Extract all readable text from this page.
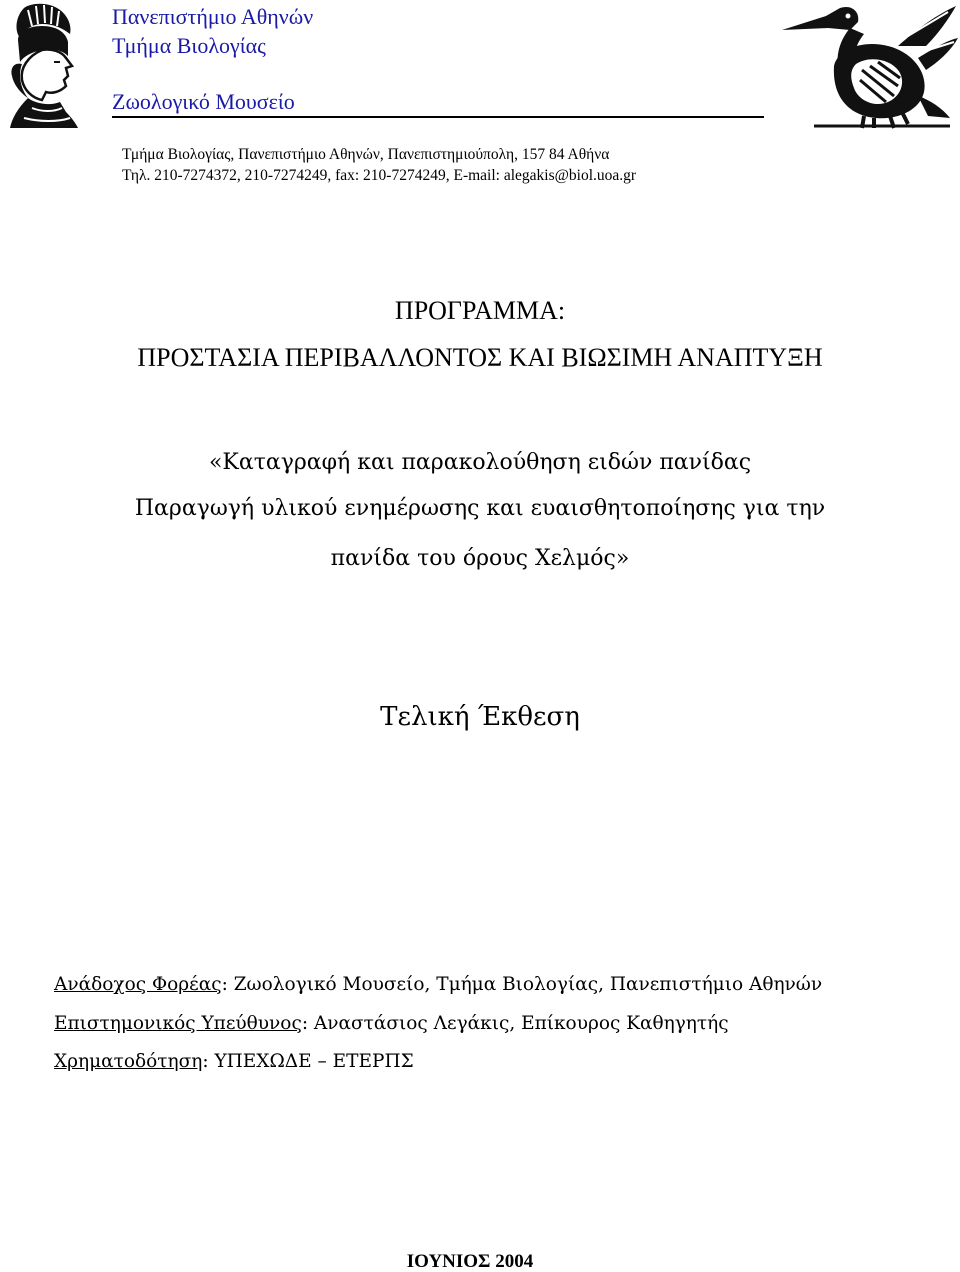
Πανεπιστήμιο Αθηνών
Τμήμα Βιολογίας
Ζωολογικό Μουσείο
Τμήμα Βιολογίας, Πανεπιστήμιο Αθηνών, Πανεπιστημιούπολη, 157 84 Αθήνα
Τηλ. 210-7274372, 210-7274249, fax: 210-7274249, E-mail: alegakis@biol.uoa.gr
ΠΡΟΓΡΑΜΜΑ:
ΠΡΟΣΤΑΣΙΑ ΠΕΡΙΒΑΛΛΟΝΤΟΣ ΚΑΙ ΒΙΩΣΙΜΗ ΑΝΑΠΤΥΞΗ
«Καταγραφή και παρακολούθηση ειδών πανίδας
Παραγωγή υλικού ενημέρωσης και ευαισθητοποίησης για την
πανίδα του όρους Χελμός»
Τελική Έκθεση
Ανάδοχος Φορέας: Ζωολογικό Μουσείο, Τμήμα Βιολογίας, Πανεπιστήμιο Αθηνών
Επιστημονικός Υπεύθυνος: Αναστάσιος Λεγάκις, Επίκουρος Καθηγητής
Χρηματοδότηση: ΥΠΕΧΩΔΕ – ΕΤΕΡΠΣ
ΙΟΥΝΙΟΣ 2004
